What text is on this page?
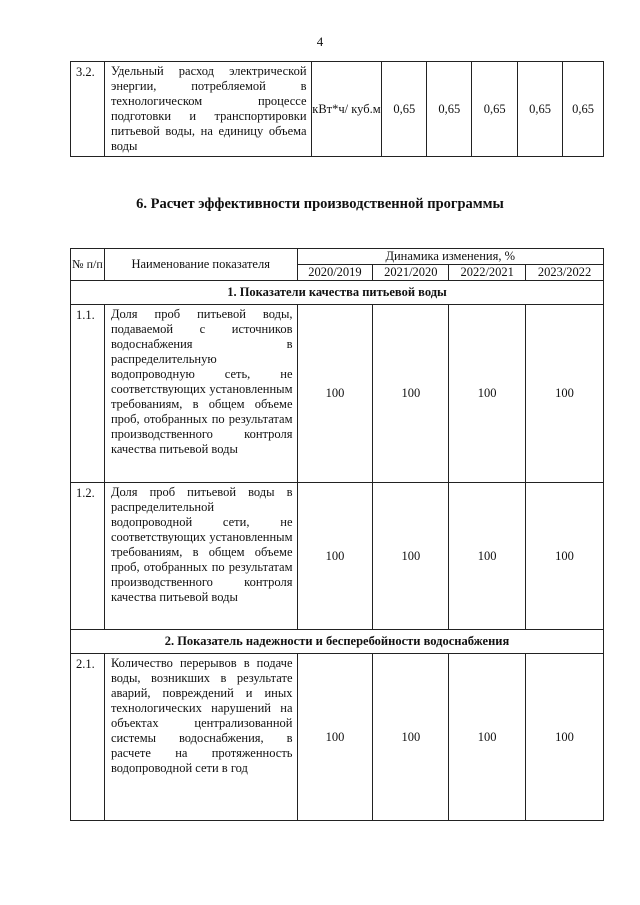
4
3.2.	Удельный расход электрической энергии, потребляемой в технологическом процессе подготовки и транспортировки питьевой воды, на единицу объема воды	кВт*ч/ куб.м	0,65	0,65	0,65	0,65	0,65
6. Расчет эффективности производственной программы
№ п/п	Наименование показателя	Динамика изменения, %			
		2020/2019	2021/2020	2022/2021	2023/2022
1. Показатели качества питьевой воды					
1.1.	Доля проб питьевой воды, подаваемой с источников водоснабжения в распределительную водопроводную сеть, не соответствующих установленным требованиям, в общем объеме проб, отобранных по результатам производственного контроля качества питьевой воды	100	100	100	100
1.2.	Доля проб питьевой воды в распределительной водопроводной сети, не соответствующих установленным требованиям, в общем объеме проб, отобранных по результатам производственного контроля качества питьевой воды	100	100	100	100
2. Показатель надежности и бесперебойности водоснабжения					
2.1.	Количество перерывов в подаче воды, возникших в результате аварий, повреждений и иных технологических нарушений на объектах централизованной системы водоснабжения, в расчете на протяженность водопроводной сети в год	100	100	100	100
